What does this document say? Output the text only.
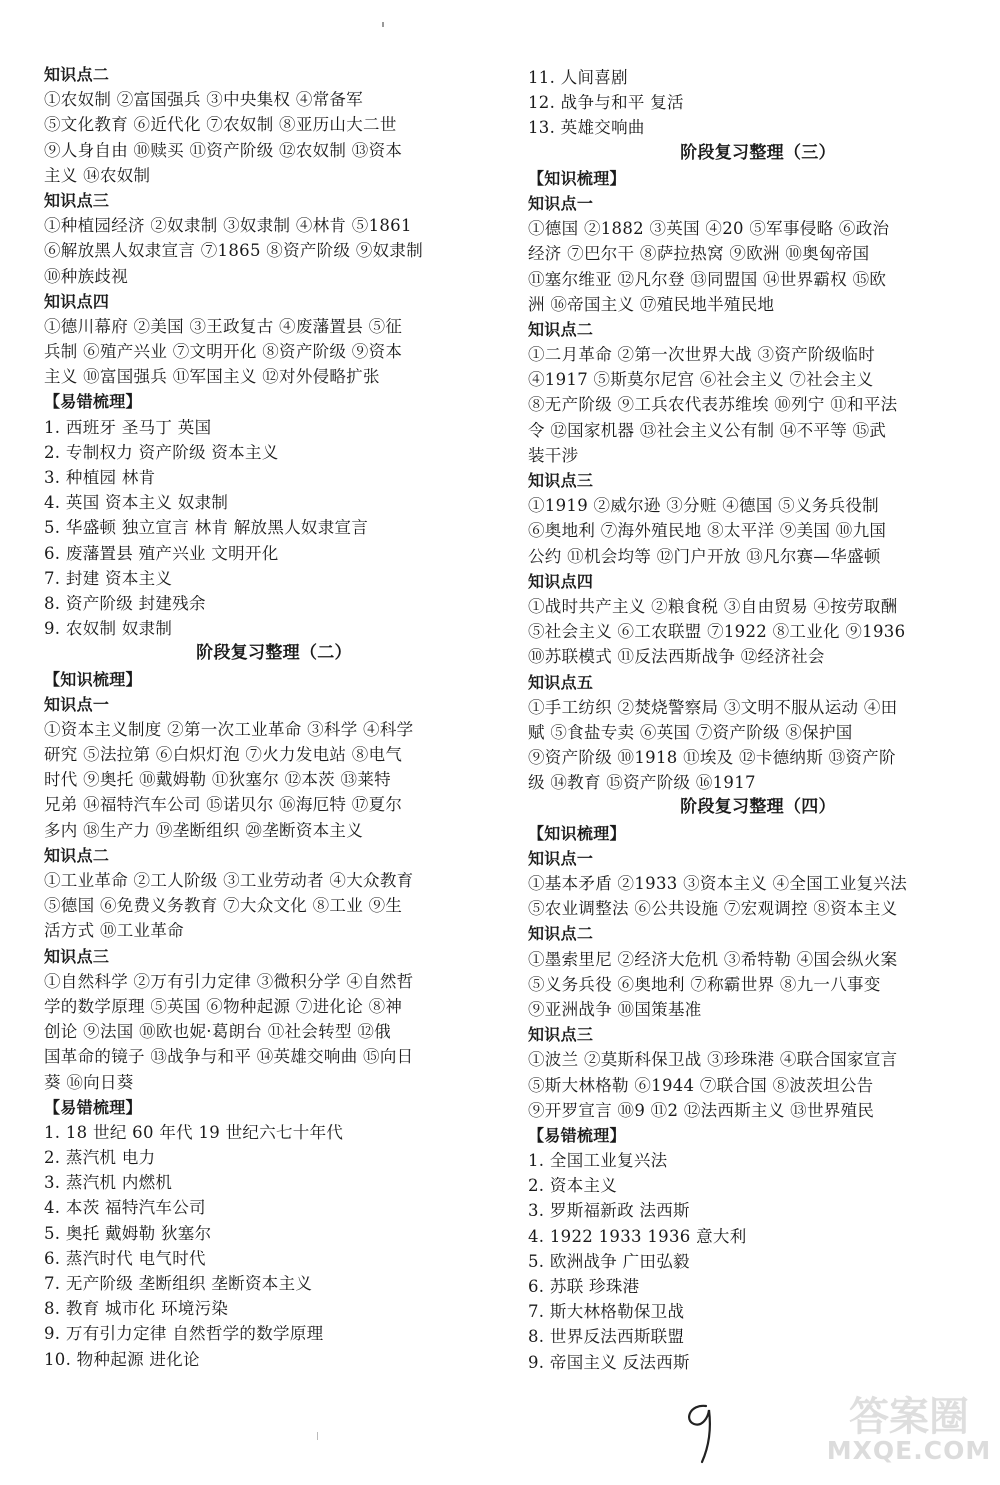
知识点二
①农奴制 ②富国强兵 ③中央集权 ④常备军
⑤文化教育 ⑥近代化 ⑦农奴制 ⑧亚历山大二世
⑨人身自由 ⑩赎买 ⑪资产阶级 ⑫农奴制 ⑬资本
主义 ⑭农奴制
知识点三
①种植园经济 ②奴隶制 ③奴隶制 ④林肯 ⑤1861
⑥解放黑人奴隶宣言 ⑦1865 ⑧资产阶级 ⑨奴隶制
⑩种族歧视
知识点四
①德川幕府 ②美国 ③王政复古 ④废藩置县 ⑤征
兵制 ⑥殖产兴业 ⑦文明开化 ⑧资产阶级 ⑨资本
主义 ⑩富国强兵 ⑪军国主义 ⑫对外侵略扩张
【易错梳理】
1. 西班牙 圣马丁 英国
2. 专制权力 资产阶级 资本主义
3. 种植园 林肯
4. 英国 资本主义 奴隶制
5. 华盛顿 独立宣言 林肯 解放黑人奴隶宣言
6. 废藩置县 殖产兴业 文明开化
7. 封建 资本主义
8. 资产阶级 封建残余
9. 农奴制 奴隶制
阶段复习整理（二）
【知识梳理】
知识点一
①资本主义制度 ②第一次工业革命 ③科学 ④科学
研究 ⑤法拉第 ⑥白炽灯泡 ⑦火力发电站 ⑧电气
时代 ⑨奥托 ⑩戴姆勒 ⑪狄塞尔 ⑫本茨 ⑬莱特
兄弟 ⑭福特汽车公司 ⑮诺贝尔 ⑯海厄特 ⑰夏尔
多内 ⑱生产力 ⑲垄断组织 ⑳垄断资本主义
知识点二
①工业革命 ②工人阶级 ③工业劳动者 ④大众教育
⑤德国 ⑥免费义务教育 ⑦大众文化 ⑧工业 ⑨生
活方式 ⑩工业革命
知识点三
①自然科学 ②万有引力定律 ③微积分学 ④自然哲
学的数学原理 ⑤英国 ⑥物种起源 ⑦进化论 ⑧神
创论 ⑨法国 ⑩欧也妮·葛朗台 ⑪社会转型 ⑫俄
国革命的镜子 ⑬战争与和平 ⑭英雄交响曲 ⑮向日
葵 ⑯向日葵
【易错梳理】
1. 18 世纪 60 年代 19 世纪六七十年代
2. 蒸汽机 电力
3. 蒸汽机 内燃机
4. 本茨 福特汽车公司
5. 奥托 戴姆勒 狄塞尔
6. 蒸汽时代 电气时代
7. 无产阶级 垄断组织 垄断资本主义
8. 教育 城市化 环境污染
9. 万有引力定律 自然哲学的数学原理
10. 物种起源 进化论
11. 人间喜剧
12. 战争与和平 复活
13. 英雄交响曲
阶段复习整理（三）
【知识梳理】
知识点一
①德国 ②1882 ③英国 ④20 ⑤军事侵略 ⑥政治
经济 ⑦巴尔干 ⑧萨拉热窝 ⑨欧洲 ⑩奥匈帝国
⑪塞尔维亚 ⑫凡尔登 ⑬同盟国 ⑭世界霸权 ⑮欧
洲 ⑯帝国主义 ⑰殖民地半殖民地
知识点二
①二月革命 ②第一次世界大战 ③资产阶级临时
④1917 ⑤斯莫尔尼宫 ⑥社会主义 ⑦社会主义
⑧无产阶级 ⑨工兵农代表苏维埃 ⑩列宁 ⑪和平法
令 ⑫国家机器 ⑬社会主义公有制 ⑭不平等 ⑮武
装干涉
知识点三
①1919 ②威尔逊 ③分赃 ④德国 ⑤义务兵役制
⑥奥地利 ⑦海外殖民地 ⑧太平洋 ⑨美国 ⑩九国
公约 ⑪机会均等 ⑫门户开放 ⑬凡尔赛—华盛顿
知识点四
①战时共产主义 ②粮食税 ③自由贸易 ④按劳取酬
⑤社会主义 ⑥工农联盟 ⑦1922 ⑧工业化 ⑨1936
⑩苏联模式 ⑪反法西斯战争 ⑫经济社会
知识点五
①手工纺织 ②焚烧警察局 ③文明不服从运动 ④田
赋 ⑤食盐专卖 ⑥英国 ⑦资产阶级 ⑧保护国
⑨资产阶级 ⑩1918 ⑪埃及 ⑫卡德纳斯 ⑬资产阶
级 ⑭教育 ⑮资产阶级 ⑯1917
阶段复习整理（四）
【知识梳理】
知识点一
①基本矛盾 ②1933 ③资本主义 ④全国工业复兴法
⑤农业调整法 ⑥公共设施 ⑦宏观调控 ⑧资本主义
知识点二
①墨索里尼 ②经济大危机 ③希特勒 ④国会纵火案
⑤义务兵役 ⑥奥地利 ⑦称霸世界 ⑧九一八事变
⑨亚洲战争 ⑩国策基准
知识点三
①波兰 ②莫斯科保卫战 ③珍珠港 ④联合国家宣言
⑤斯大林格勒 ⑥1944 ⑦联合国 ⑧波茨坦公告
⑨开罗宣言 ⑩9 ⑪2 ⑫法西斯主义 ⑬世界殖民
【易错梳理】
1. 全国工业复兴法
2. 资本主义
3. 罗斯福新政 法西斯
4. 1922 1933 1936 意大利
5. 欧洲战争 广田弘毅
6. 苏联 珍珠港
7. 斯大林格勒保卫战
8. 世界反法西斯联盟
9. 帝国主义 反法西斯
答案圈
MXQE.COM
